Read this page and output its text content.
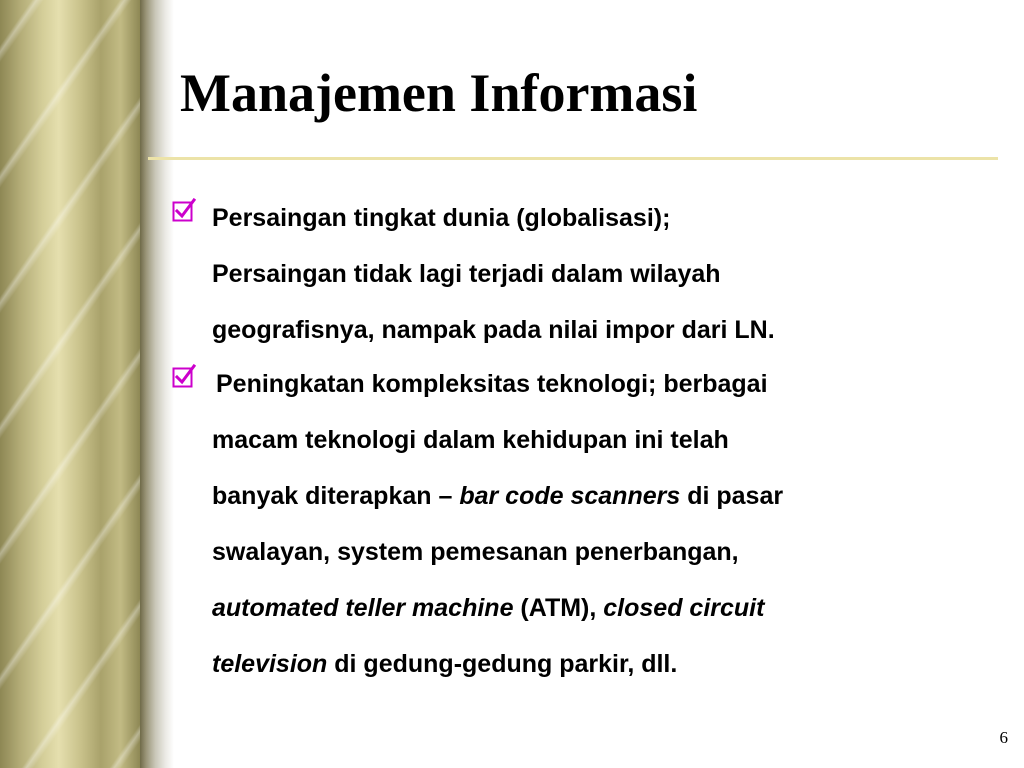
Manajemen Informasi

Persaingan tingkat dunia (globalisasi);
Persaingan tidak lagi terjadi dalam wilayah
geografisnya, nampak pada nilai impor dari LN.

Peningkatan kompleksitas teknologi; berbagai
macam teknologi dalam kehidupan ini telah
banyak diterapkan – bar code scanners di pasar
swalayan, system pemesanan penerbangan,
automated teller machine (ATM), closed circuit
television di gedung-gedung parkir, dll.

6
